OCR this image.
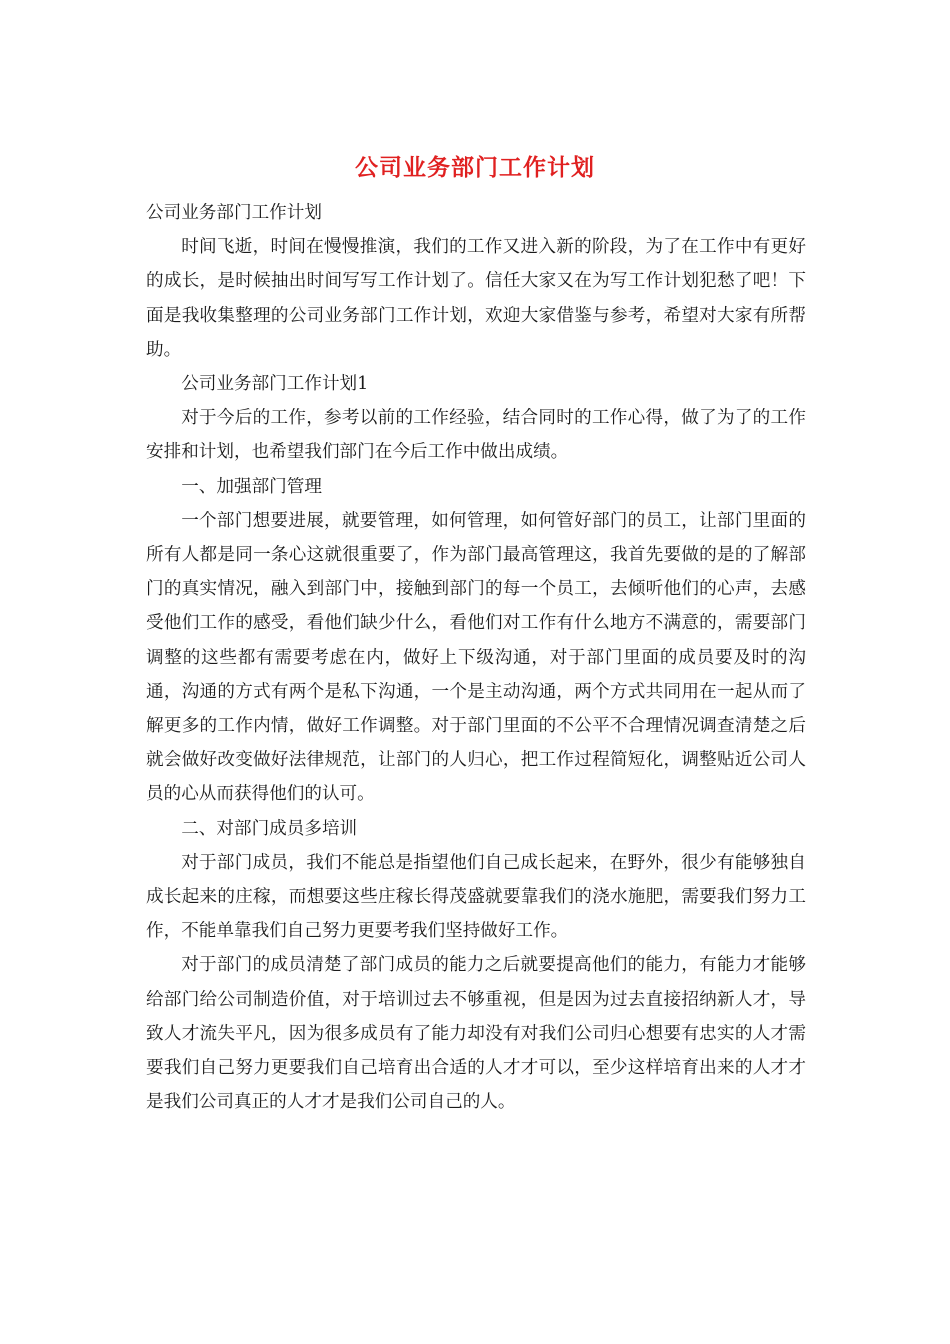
公司业务部门工作计划

公司业务部门工作计划

时间飞逝，时间在慢慢推演，我们的工作又进入新的阶段，为了在工作中有更好的成长，是时候抽出时间写写工作计划了。信任大家又在为写工作计划犯愁了吧！下面是我收集整理的公司业务部门工作计划，欢迎大家借鉴与参考，希望对大家有所帮助。

公司业务部门工作计划1

对于今后的工作，参考以前的工作经验，结合同时的工作心得，做了为了的工作安排和计划，也希望我们部门在今后工作中做出成绩。

一、加强部门管理

一个部门想要进展，就要管理，如何管理，如何管好部门的员工，让部门里面的所有人都是同一条心这就很重要了，作为部门最高管理这，我首先要做的是的了解部门的真实情况，融入到部门中，接触到部门的每一个员工，去倾听他们的心声，去感受他们工作的感受，看他们缺少什么，看他们对工作有什么地方不满意的，需要部门调整的这些都有需要考虑在内，做好上下级沟通，对于部门里面的成员要及时的沟通，沟通的方式有两个是私下沟通，一个是主动沟通，两个方式共同用在一起从而了解更多的工作内情，做好工作调整。对于部门里面的不公平不合理情况调查清楚之后就会做好改变做好法律规范，让部门的人归心，把工作过程简短化，调整贴近公司人员的心从而获得他们的认可。

二、对部门成员多培训

对于部门成员，我们不能总是指望他们自己成长起来，在野外，很少有能够独自成长起来的庄稼，而想要这些庄稼长得茂盛就要靠我们的浇水施肥，需要我们努力工作，不能单靠我们自己努力更要考我们坚持做好工作。

对于部门的成员清楚了部门成员的能力之后就要提高他们的能力，有能力才能够给部门给公司制造价值，对于培训过去不够重视，但是因为过去直接招纳新人才，导致人才流失平凡，因为很多成员有了能力却没有对我们公司归心想要有忠实的人才需要我们自己努力更要我们自己培育出合适的人才才可以，至少这样培育出来的人才才是我们公司真正的人才才是我们公司自己的人。
